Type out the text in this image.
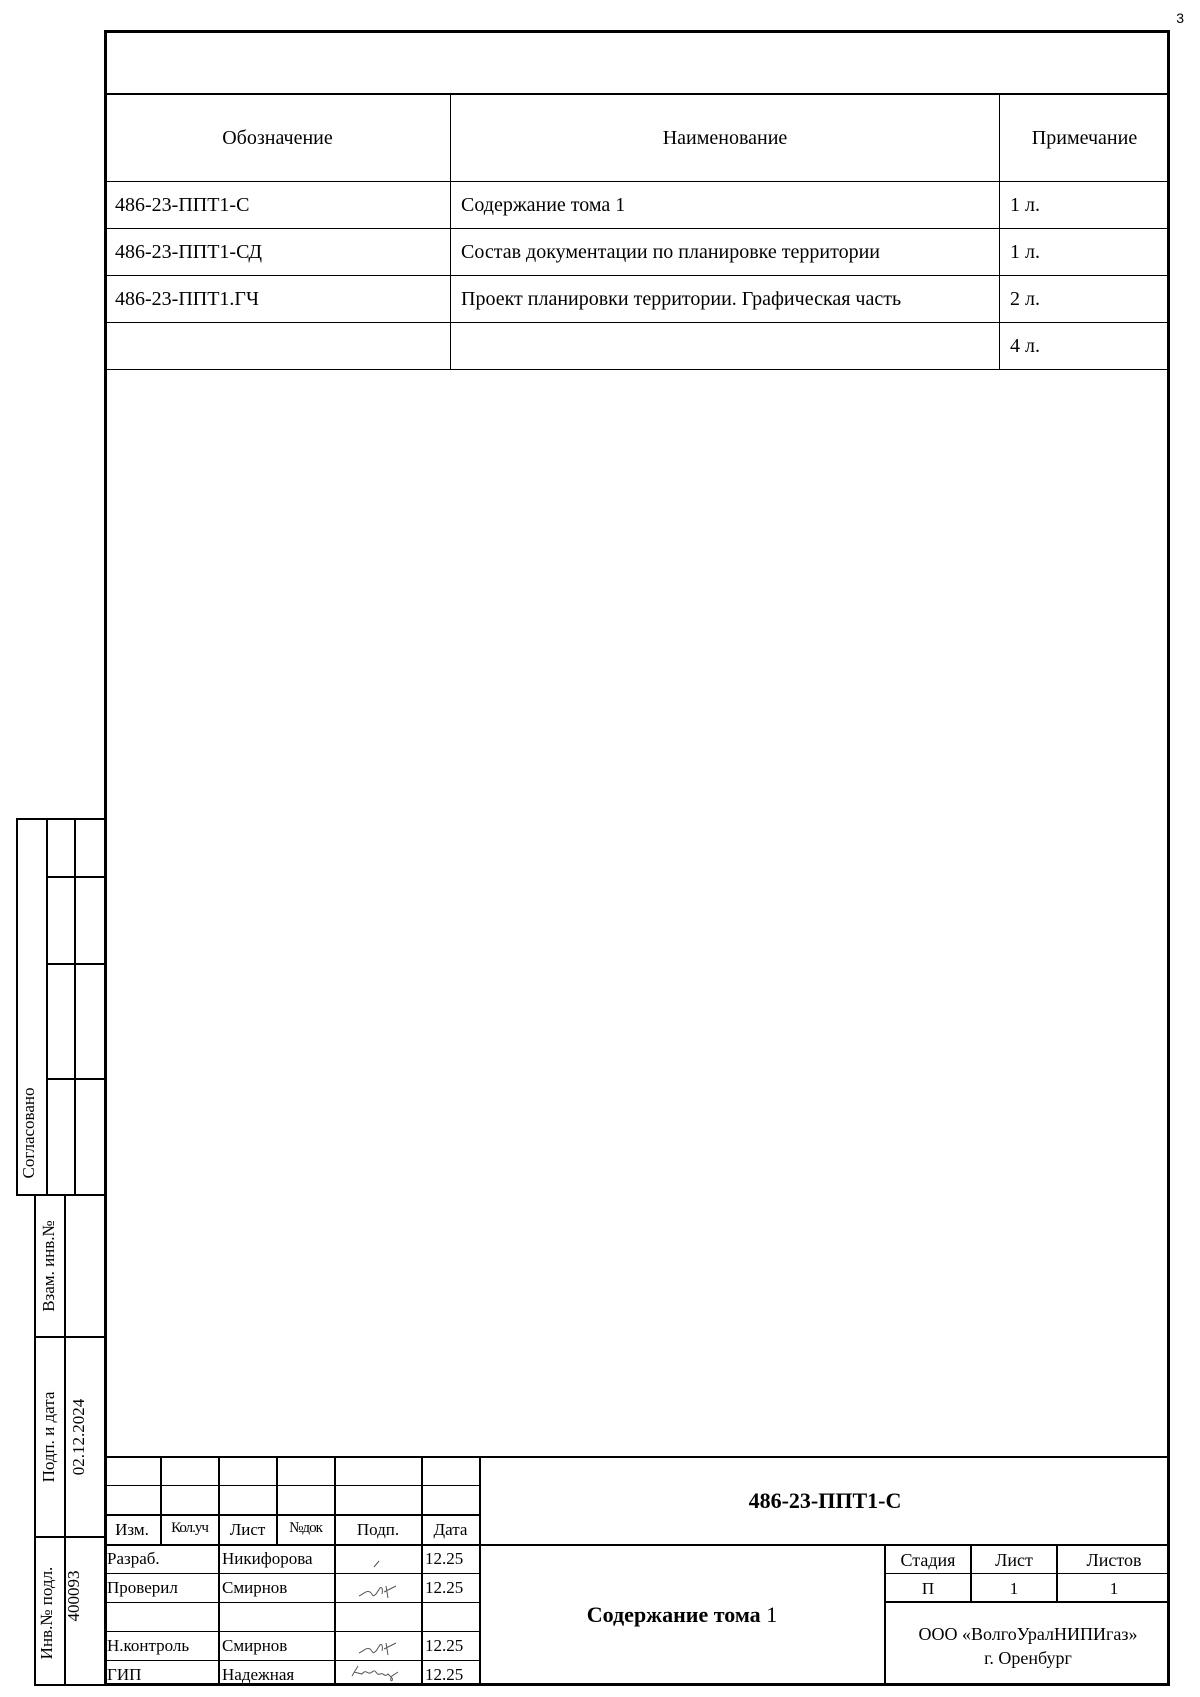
3
Обозначение	Наименование	Примечание
486-23-ППТ1-С	Содержание тома 1	1 л.
486-23-ППТ1-СД	Состав документации по планировке территории	1 л.
486-23-ППТ1.ГЧ	Проект планировки территории. Графическая часть	2 л.
		4 л.
Согласовано
Взам. инв.№
Подп. и дата 02.12.2024
Инв.№ подл. 400093
Изм.	Кол.уч	Лист	№док	Подп.	Дата
Разраб.	Никифорова	12.25
Проверил	Смирнов	12.25
Н.контроль Смирнов	12.25
ГИП	Надежная	12.25
486-23-ППТ1-С
Содержание тома 1
Стадия	Лист	Листов
П	1	1
ООО «ВолгоУралНИПИгаз»
г. Оренбург
